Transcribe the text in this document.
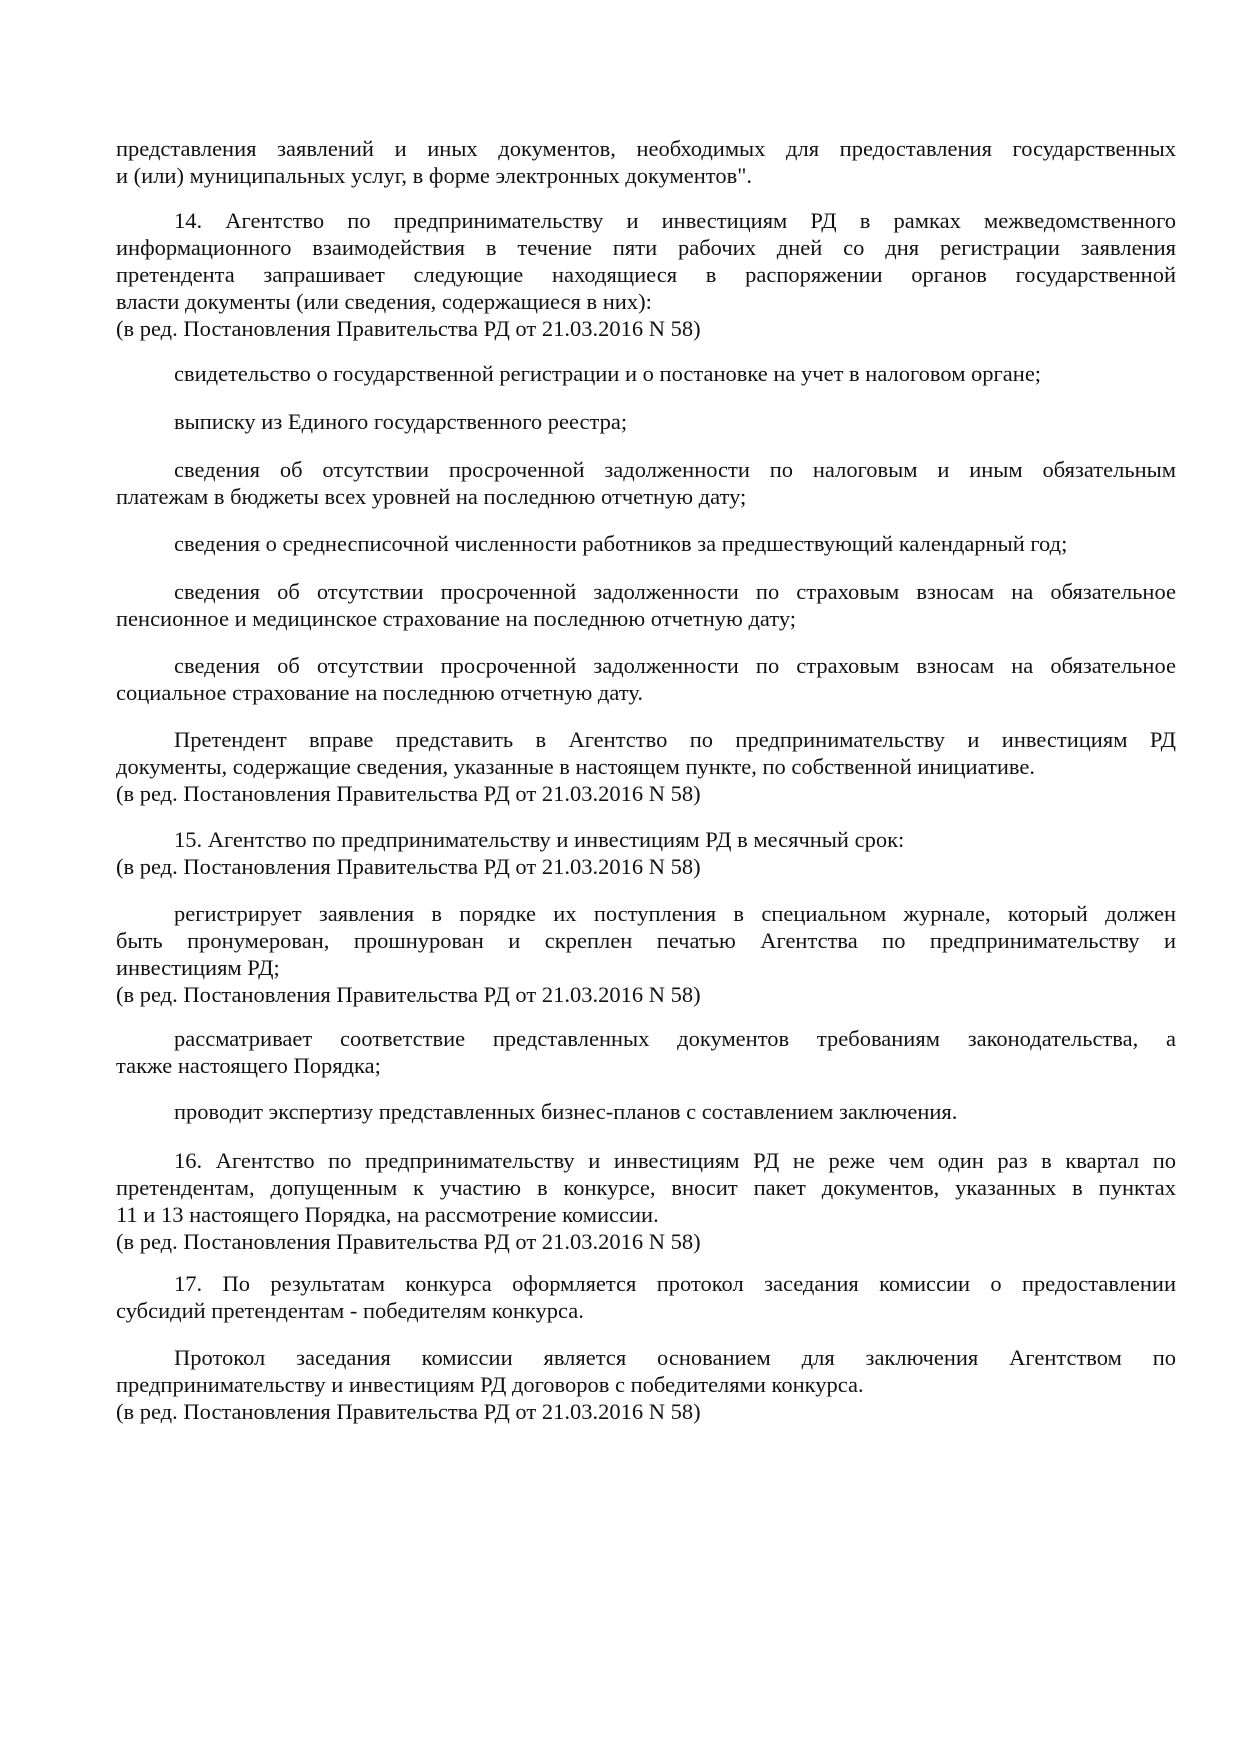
представления заявлений и иных документов, необходимых для предоставления государственных
и (или) муниципальных услуг, в форме электронных документов".
14. Агентство по предпринимательству и инвестициям РД в рамках межведомственного
информационного взаимодействия в течение пяти рабочих дней со дня регистрации заявления
претендента запрашивает следующие находящиеся в распоряжении органов государственной
власти документы (или сведения, содержащиеся в них):
(в ред. Постановления Правительства РД от 21.03.2016 N 58)
свидетельство о государственной регистрации и о постановке на учет в налоговом органе;
выписку из Единого государственного реестра;
сведения об отсутствии просроченной задолженности по налоговым и иным обязательным
платежам в бюджеты всех уровней на последнюю отчетную дату;
сведения о среднесписочной численности работников за предшествующий календарный год;
сведения об отсутствии просроченной задолженности по страховым взносам на обязательное
пенсионное и медицинское страхование на последнюю отчетную дату;
сведения об отсутствии просроченной задолженности по страховым взносам на обязательное
социальное страхование на последнюю отчетную дату.
Претендент вправе представить в Агентство по предпринимательству и инвестициям РД
документы, содержащие сведения, указанные в настоящем пункте, по собственной инициативе.
(в ред. Постановления Правительства РД от 21.03.2016 N 58)
15. Агентство по предпринимательству и инвестициям РД в месячный срок:
(в ред. Постановления Правительства РД от 21.03.2016 N 58)
регистрирует заявления в порядке их поступления в специальном журнале, который должен
быть пронумерован, прошнурован и скреплен печатью Агентства по предпринимательству и
инвестициям РД;
(в ред. Постановления Правительства РД от 21.03.2016 N 58)
рассматривает соответствие представленных документов требованиям законодательства, а
также настоящего Порядка;
проводит экспертизу представленных бизнес-планов с составлением заключения.
16. Агентство по предпринимательству и инвестициям РД не реже чем один раз в квартал по
претендентам, допущенным к участию в конкурсе, вносит пакет документов, указанных в пунктах
11 и 13 настоящего Порядка, на рассмотрение комиссии.
(в ред. Постановления Правительства РД от 21.03.2016 N 58)
17. По результатам конкурса оформляется протокол заседания комиссии о предоставлении
субсидий претендентам - победителям конкурса.
Протокол заседания комиссии является основанием для заключения Агентством по
предпринимательству и инвестициям РД договоров с победителями конкурса.
(в ред. Постановления Правительства РД от 21.03.2016 N 58)
